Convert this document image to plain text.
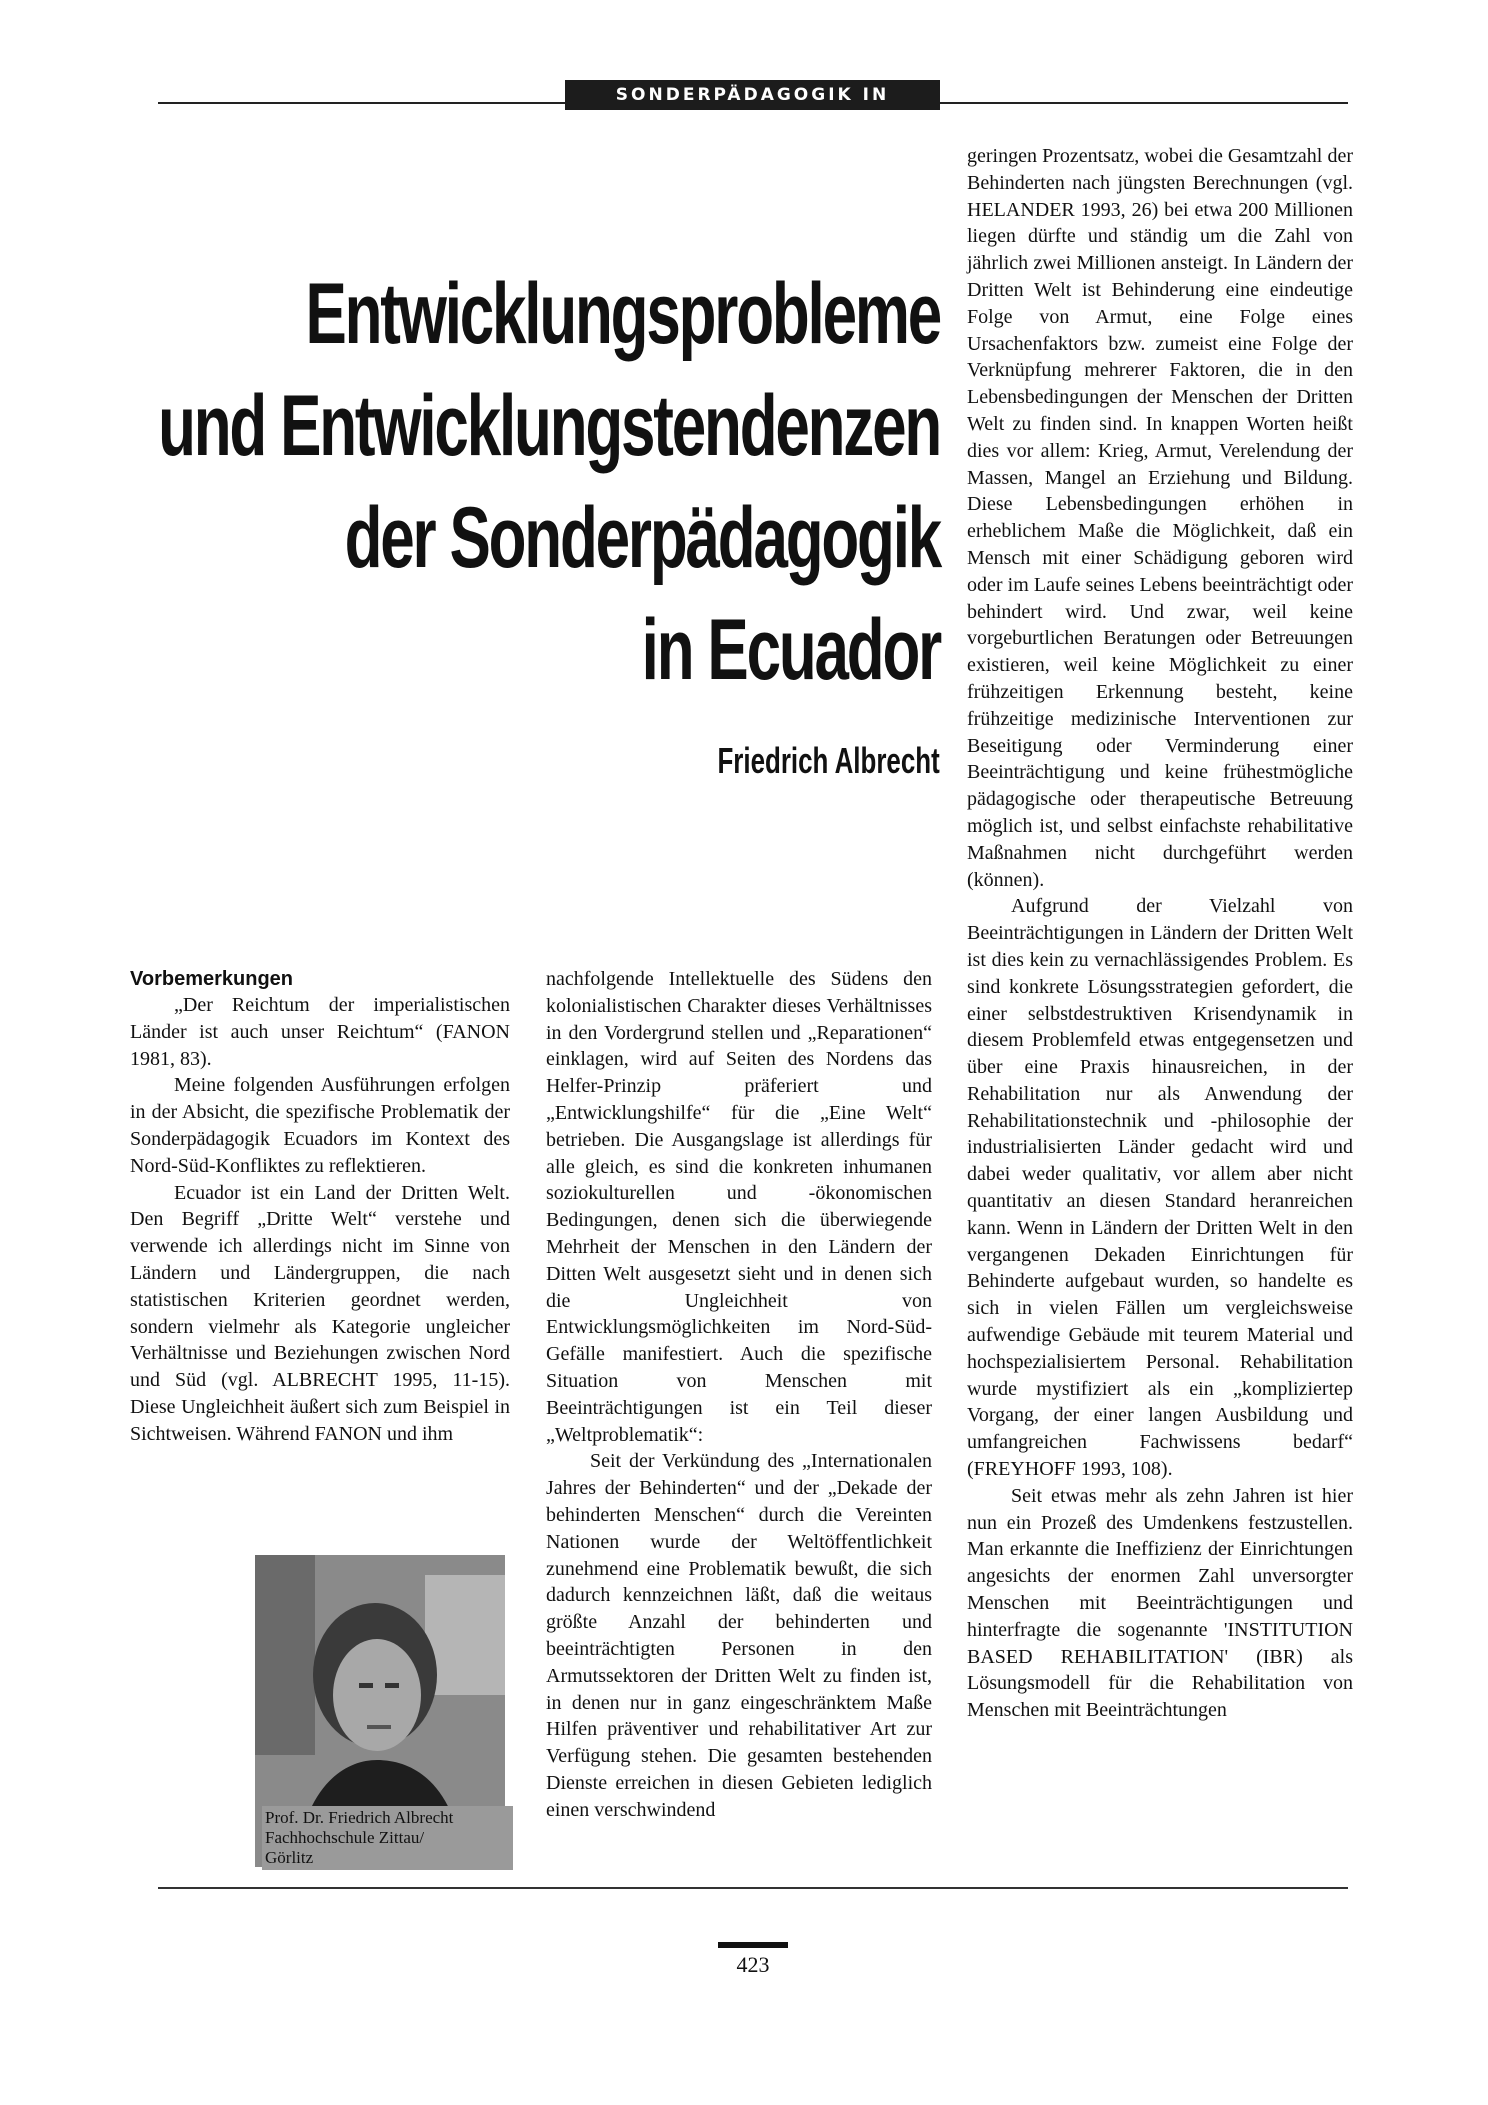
SONDERPÄDAGOGIK IN ECUADOR
Entwicklungsprobleme
und Entwicklungstendenzen
der Sonderpädagogik
in Ecuador
Friedrich Albrecht
Vorbemerkungen

„Der Reichtum der imperialistischen Länder ist auch unser Reichtum“ (FANON 1981, 83).

Meine folgenden Ausführungen erfolgen in der Absicht, die spezifische Problematik der Sonderpädagogik Ecuadors im Kontext des Nord-Süd-Konfliktes zu reflektieren.

Ecuador ist ein Land der Dritten Welt. Den Begriff „Dritte Welt“ verstehe und verwende ich allerdings nicht im Sinne von Ländern und Ländergruppen, die nach statistischen Kriterien geordnet werden, sondern vielmehr als Kategorie ungleicher Verhältnisse und Beziehungen zwischen Nord und Süd (vgl. ALBRECHT 1995, 11-15). Diese Ungleichheit äußert sich zum Beispiel in Sichtweisen. Während FANON und ihm

nachfolgende Intellektuelle des Südens den kolonialistischen Charakter dieses Verhältnisses in den Vordergrund stellen und „Reparationen“ einklagen, wird auf Seiten des Nordens das Helfer-Prinzip präferiert und „Entwicklungshilfe“ für die „Eine Welt“ betrieben. Die Ausgangslage ist allerdings für alle gleich, es sind die konkreten inhumanen soziokulturellen und -ökonomischen Bedingungen, denen sich die überwiegende Mehrheit der Menschen in den Ländern der Ditten Welt ausgesetzt sieht und in denen sich die Ungleichheit von Entwicklungsmöglichkeiten im Nord-Süd-Gefälle manifestiert. Auch die spezifische Situation von Menschen mit Beeinträchtigungen ist ein Teil dieser „Weltproblematik“:

Seit der Verkündung des „Internationalen Jahres der Behinderten“ und der „Dekade der behinderten Menschen“ durch die Vereinten Nationen wurde der Weltöffentlichkeit zunehmend eine Problematik bewußt, die sich dadurch kennzeichnen läßt, daß die weitaus größte Anzahl der behinderten und beeinträchtigten Personen in den Armutssektoren der Dritten Welt zu finden ist, in denen nur in ganz eingeschränktem Maße Hilfen präventiver und rehabilitativer Art zur Verfügung stehen. Die gesamten bestehenden Dienste erreichen in diesen Gebieten lediglich einen verschwindend

geringen Prozentsatz, wobei die Gesamtzahl der Behinderten nach jüngsten Berechnungen (vgl. HELANDER 1993, 26) bei etwa 200 Millionen liegen dürfte und ständig um die Zahl von jährlich zwei Millionen ansteigt. In Ländern der Dritten Welt ist Behinderung eine eindeutige Folge von Armut, eine Folge eines Ursachenfaktors bzw. zumeist eine Folge der Verknüpfung mehrerer Faktoren, die in den Lebensbedingungen der Menschen der Dritten Welt zu finden sind. In knappen Worten heißt dies vor allem: Krieg, Armut, Verelendung der Massen, Mangel an Erziehung und Bildung. Diese Lebensbedingungen erhöhen in erheblichem Maße die Möglichkeit, daß ein Mensch mit einer Schädigung geboren wird oder im Laufe seines Lebens beeinträchtigt oder behindert wird. Und zwar, weil keine vorgeburtlichen Beratungen oder Betreuungen existieren, weil keine Möglichkeit zu einer frühzeitigen Erkennung besteht, keine frühzeitige medizinische Interventionen zur Beseitigung oder Verminderung einer Beeinträchtigung und keine frühestmögliche pädagogische oder therapeutische Betreuung möglich ist, und selbst einfachste rehabilitative Maßnahmen nicht durchgeführt werden (können).

Aufgrund der Vielzahl von Beeinträchtigungen in Ländern der Dritten Welt ist dies kein zu vernachlässigendes Problem. Es sind konkrete Lösungsstrategien gefordert, die einer selbstdestruktiven Krisendynamik in diesem Problemfeld etwas entgegensetzen und über eine Praxis hinausreichen, in der Rehabilitation nur als Anwendung der Rehabilitationstechnik und -philosophie der industrialisierten Länder gedacht wird und dabei weder qualitativ, vor allem aber nicht quantitativ an diesen Standard heranreichen kann. Wenn in Ländern der Dritten Welt in den vergangenen Dekaden Einrichtungen für Behinderte aufgebaut wurden, so handelte es sich in vielen Fällen um vergleichsweise aufwendige Gebäude mit teurem Material und hochspezialisiertem Personal. Rehabilitation wurde mystifiziert als ein „kompliziertер Vorgang, der einer langen Ausbildung und umfangreichen Fachwissens bedarf“ (FREYHOFF 1993, 108).

Seit etwas mehr als zehn Jahren ist hier nun ein Prozeß des Umdenkens festzustellen. Man erkannte die Ineffizienz der Einrichtungen angesichts der enormen Zahl unversorgter Menschen mit Beeinträchtigungen und hinterfragte die sogenannte 'INSTITUTION BASED REHABILITATION' (IBR) als Lösungsmodell für die Rehabilitation von Menschen mit Beeinträchtungen

Prof. Dr. Friedrich Albrecht
Fachhochschule Zittau/
Görlitz
423
